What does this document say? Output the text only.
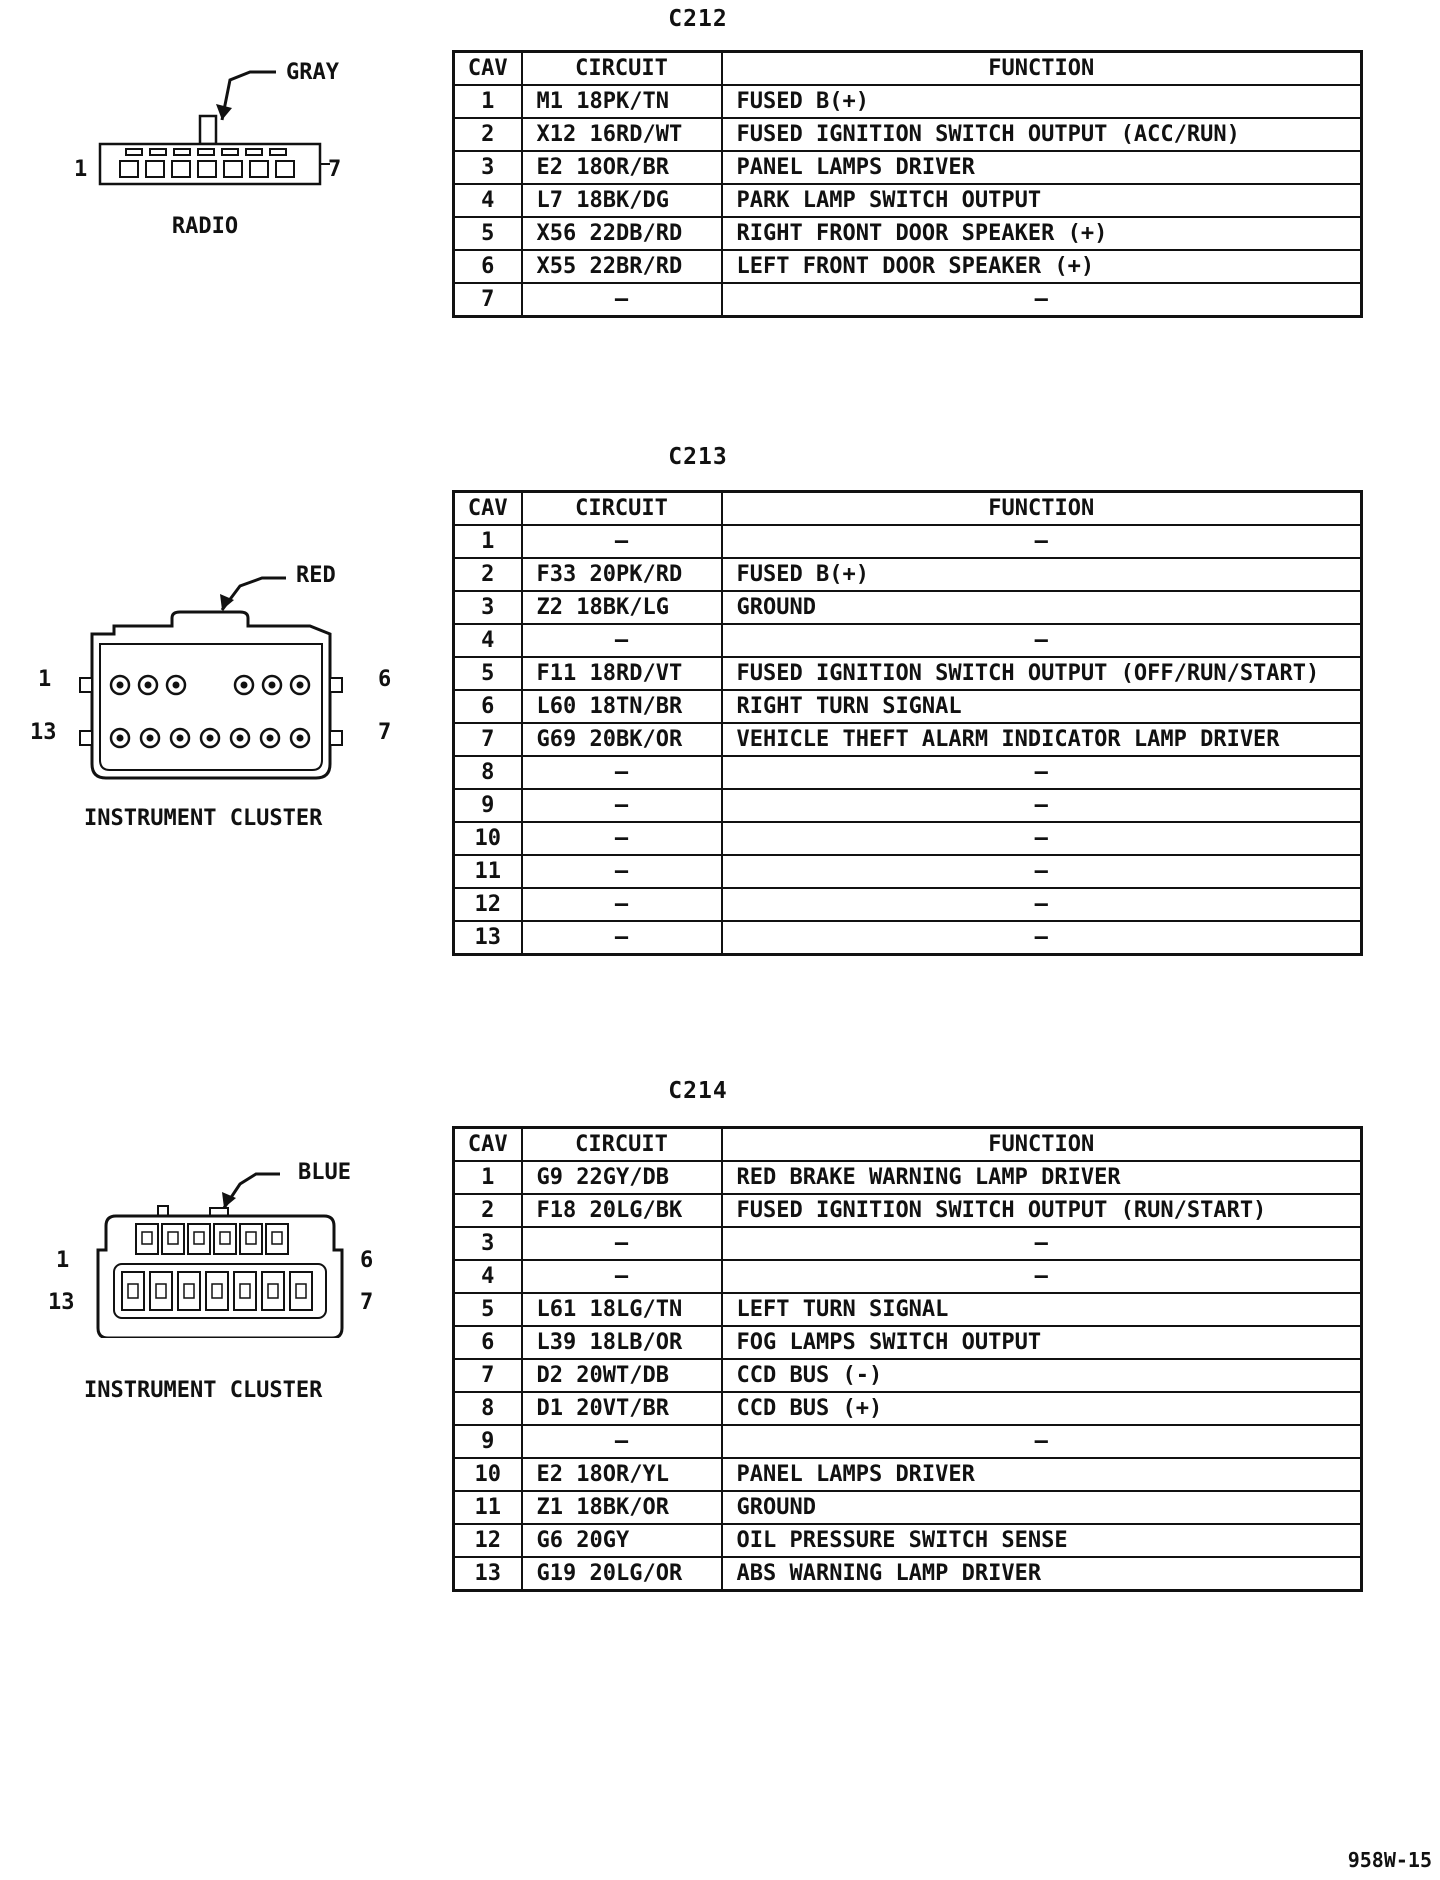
C212
GRAY
1	7
RADIO
CAV	CIRCUIT	FUNCTION
1	M1 18PK/TN	FUSED B(+)
2	X12 16RD/WT	FUSED IGNITION SWITCH OUTPUT (ACC/RUN)
3	E2 18OR/BR	PANEL LAMPS DRIVER
4	L7 18BK/DG	PARK LAMP SWITCH OUTPUT
5	X56 22DB/RD	RIGHT FRONT DOOR SPEAKER (+)
6	X55 22BR/RD	LEFT FRONT DOOR SPEAKER (+)
7	–	–
C213
RED
1	6
13	7
INSTRUMENT CLUSTER
CAV	CIRCUIT	FUNCTION
1	–	–
2	F33 20PK/RD	FUSED B(+)
3	Z2 18BK/LG	GROUND
4	–	–
5	F11 18RD/VT	FUSED IGNITION SWITCH OUTPUT (OFF/RUN/START)
6	L60 18TN/BR	RIGHT TURN SIGNAL
7	G69 20BK/OR	VEHICLE THEFT ALARM INDICATOR LAMP DRIVER
8	–	–
9	–	–
10	–	–
11	–	–
12	–	–
13	–	–
C214
BLUE
1	6
13	7
INSTRUMENT CLUSTER
CAV	CIRCUIT	FUNCTION
1	G9 22GY/DB	RED BRAKE WARNING LAMP DRIVER
2	F18 20LG/BK	FUSED IGNITION SWITCH OUTPUT (RUN/START)
3	–	–
4	–	–
5	L61 18LG/TN	LEFT TURN SIGNAL
6	L39 18LB/OR	FOG LAMPS SWITCH OUTPUT
7	D2 20WT/DB	CCD BUS (-)
8	D1 20VT/BR	CCD BUS (+)
9	–	–
10	E2 18OR/YL	PANEL LAMPS DRIVER
11	Z1 18BK/OR	GROUND
12	G6 20GY	OIL PRESSURE SWITCH SENSE
13	G19 20LG/OR	ABS WARNING LAMP DRIVER
958W-15
